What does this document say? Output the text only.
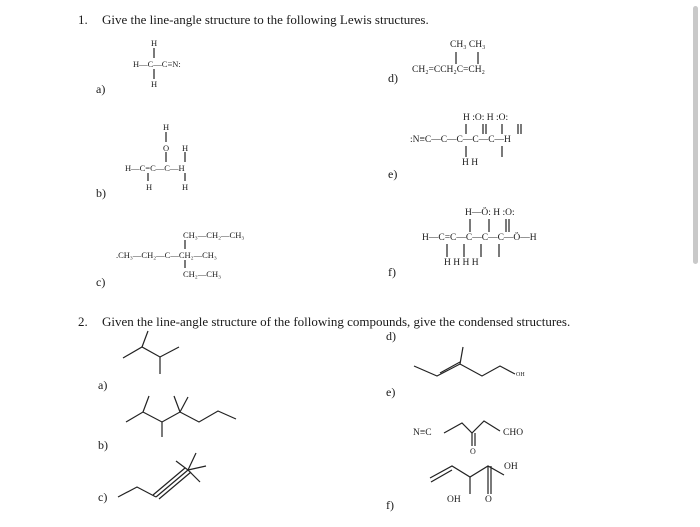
1. Give the line-angle structure to the following Lewis structures.
a)
b)
c)
d)
e)
f)
H
H—C—C≡N:
H
H
O H
H—C=C—C—H
H	H
CH₃—CH₂—CH₃
.CH₃—CH₂—C—CH₂—CH₃
CH₂—CH₃
CH₃ CH₃
CH₂=CCH₂C=CH₂
H :O: H :O:
:N≡C—C—C—C—C—H
H H
H—Ö: H :O:
H—C=C—C—C—C—Ö—H
H H H H
2. Given the line-angle structure of the following compounds, give the condensed structures.
a)
b)
c)
d)
e)
f)
OH
N≡C	CHO
O
OH
OH	O
